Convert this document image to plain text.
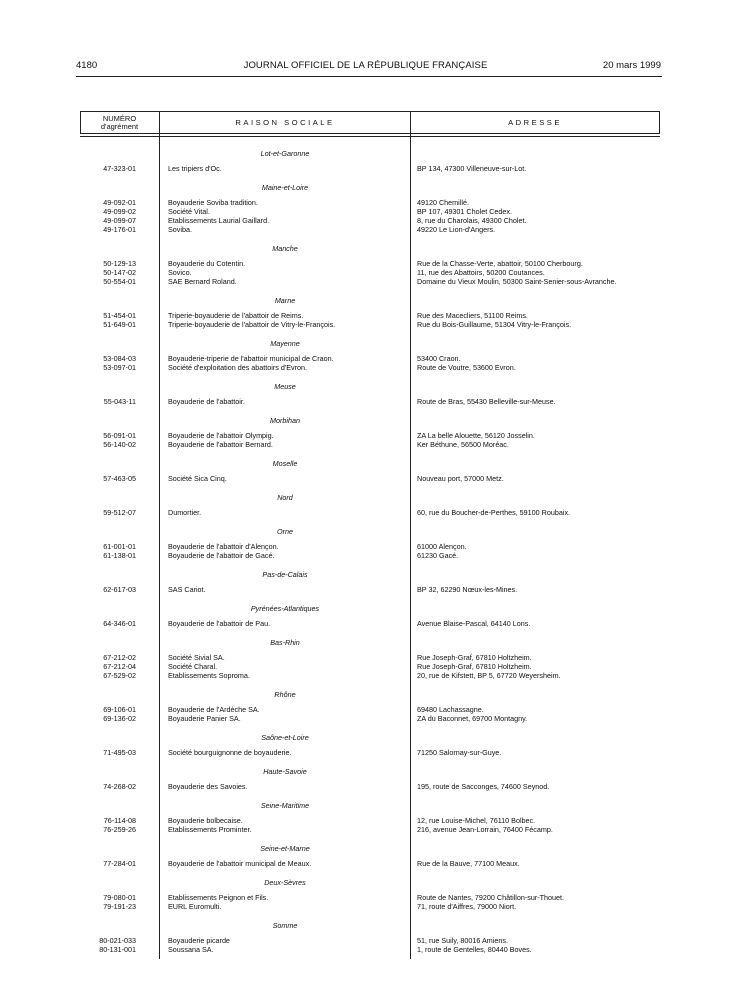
4180	JOURNAL OFFICIEL DE LA RÉPUBLIQUE FRANÇAISE	20 mars 1999
NUMÉRO
d'agrément	RAISON SOCIALE	ADRESSE
Lot-et-Garonne
47-323-01	Les tripiers d'Oc.	BP 134, 47300 Villeneuve-sur-Lot.
Maine-et-Loire
49-092-01	Boyauderie Soviba tradition.	49120 Chemillé.
49-099-02	Société Vital.	BP 107, 49301 Cholet Cedex.
49-099-07	Etablissements Laurial Gaillard.	8, rue du Charolais, 49300 Cholet.
49-176-01	Soviba.	49220 Le Lion-d'Angers.
Manche
50-129-13	Boyauderie du Cotentin.	Rue de la Chasse-Verte, abattoir, 50100 Cherbourg.
50-147-02	Sovico.	11, rue des Abattoirs, 50200 Coutances.
50-554-01	SAE Bernard Roland.	Domaine du Vieux Moulin, 50300 Saint-Senier-sous-Avranche.
Marne
51-454-01	Triperie-boyauderie de l'abattoir de Reims.	Rue des Macecliers, 51100 Reims.
51-649-01	Triperie-boyauderie de l'abattoir de Vitry-le-François.	Rue du Bois-Guillaume, 51304 Vitry-le-François.
Mayenne
53-084-03	Boyauderie-triperie de l'abattoir municipal de Craon.	53400 Craon.
53-097-01	Société d'exploitation des abattoirs d'Evron.	Route de Voutre, 53600 Evron.
Meuse
55-043-11	Boyauderie de l'abattoir.	Route de Bras, 55430 Belleville-sur-Meuse.
Morbihan
56-091-01	Boyauderie de l'abattoir Olympig.	ZA La belle Alouette, 56120 Josselin.
56-140-02	Boyauderie de l'abattoir Bernard.	Ker Béthune, 56500 Moréac.
Moselle
57-463-05	Société Sica Cinq.	Nouveau port, 57000 Metz.
Nord
59-512-07	Dumortier.	60, rue du Boucher-de-Perthes, 59100 Roubaix.
Orne
61-001-01	Boyauderie de l'abattoir d'Alençon.	61000 Alençon.
61-138-01	Boyauderie de l'abattoir de Gacé.	61230 Gacé.
Pas-de-Calais
62-617-03	SAS Cariot.	BP 32, 62290 Nœux-les-Mines.
Pyrénées-Atlantiques
64-346-01	Boyauderie de l'abattoir de Pau.	Avenue Blaise-Pascal, 64140 Lons.
Bas-Rhin
67-212-02	Société Sivial SA.	Rue Joseph-Graf, 67810 Holtzheim.
67-212-04	Société Charal.	Rue Joseph-Graf, 67810 Holtzheim.
67-529-02	Etablissements Soproma.	20, rue de Kifstett, BP 5, 67720 Weyersheim.
Rhône
69-106-01	Boyauderie de l'Ardèche SA.	69480 Lachassagne.
69-136-02	Boyauderie Panier SA.	ZA du Baconnet, 69700 Montagny.
Saône-et-Loire
71-495-03	Société bourguignonne de boyauderie.	71250 Salornay-sur-Guye.
Haute-Savoie
74-268-02	Boyauderie des Savoies.	195, route de Sacconges, 74600 Seynod.
Seine-Maritime
76-114-08	Boyauderie bolbecaise.	12, rue Louise-Michel, 76110 Bolbec.
76-259-26	Etablissements Prominter.	216, avenue Jean-Lorrain, 76400 Fécamp.
Seine-et-Marne
77-284-01	Boyauderie de l'abattoir municipal de Meaux.	Rue de la Bauve, 77100 Meaux.
Deux-Sèvres
79-080-01	Etablissements Peignon et Fils.	Route de Nantes, 79200 Châtillon-sur-Thouet.
79-191-23	EURL Euromulti.	71, route d'Aiffres, 79000 Niort.
Somme
80-021-033	Boyauderie picarde	51, rue Suily, 80016 Amiens.
80-131-001	Soussana SA.	1, route de Gentelles, 80440 Boves.
